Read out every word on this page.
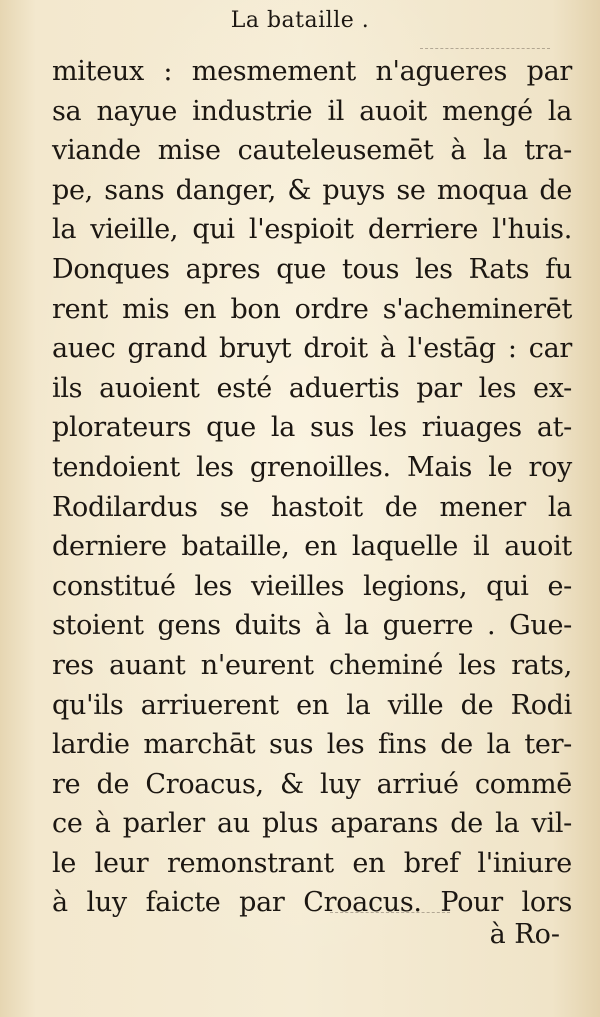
La bataille .
miteux : mesmement n'agueres par
sa nayue industrie il auoit mengé la
viande mise cauteleusemēt à la tra-
pe, sans danger, & puys se moqua de
la vieille, qui l'espioit derriere l'huis.
Donques apres que tous les Rats fu
rent mis en bon ordre s'acheminerēt
auec grand bruyt droit à l'estāg : car
ils auoient esté aduertis par les ex-
plorateurs que la sus les riuages at-
tendoient les grenoilles. Mais le roy
Rodilardus se hastoit de mener la
derniere bataille, en laquelle il auoit
constitué les vieilles legions, qui e-
stoient gens duits à la guerre . Gue-
res auant n'eurent cheminé les rats,
qu'ils arriuerent en la ville de Rodi
lardie marchāt sus les fins de la ter-
re de Croacus, & luy arriué commē
ce à parler au plus aparans de la vil-
le leur remonstrant en bref l'iniure
à luy faicte par Croacus. Pour lors

à Ro-
